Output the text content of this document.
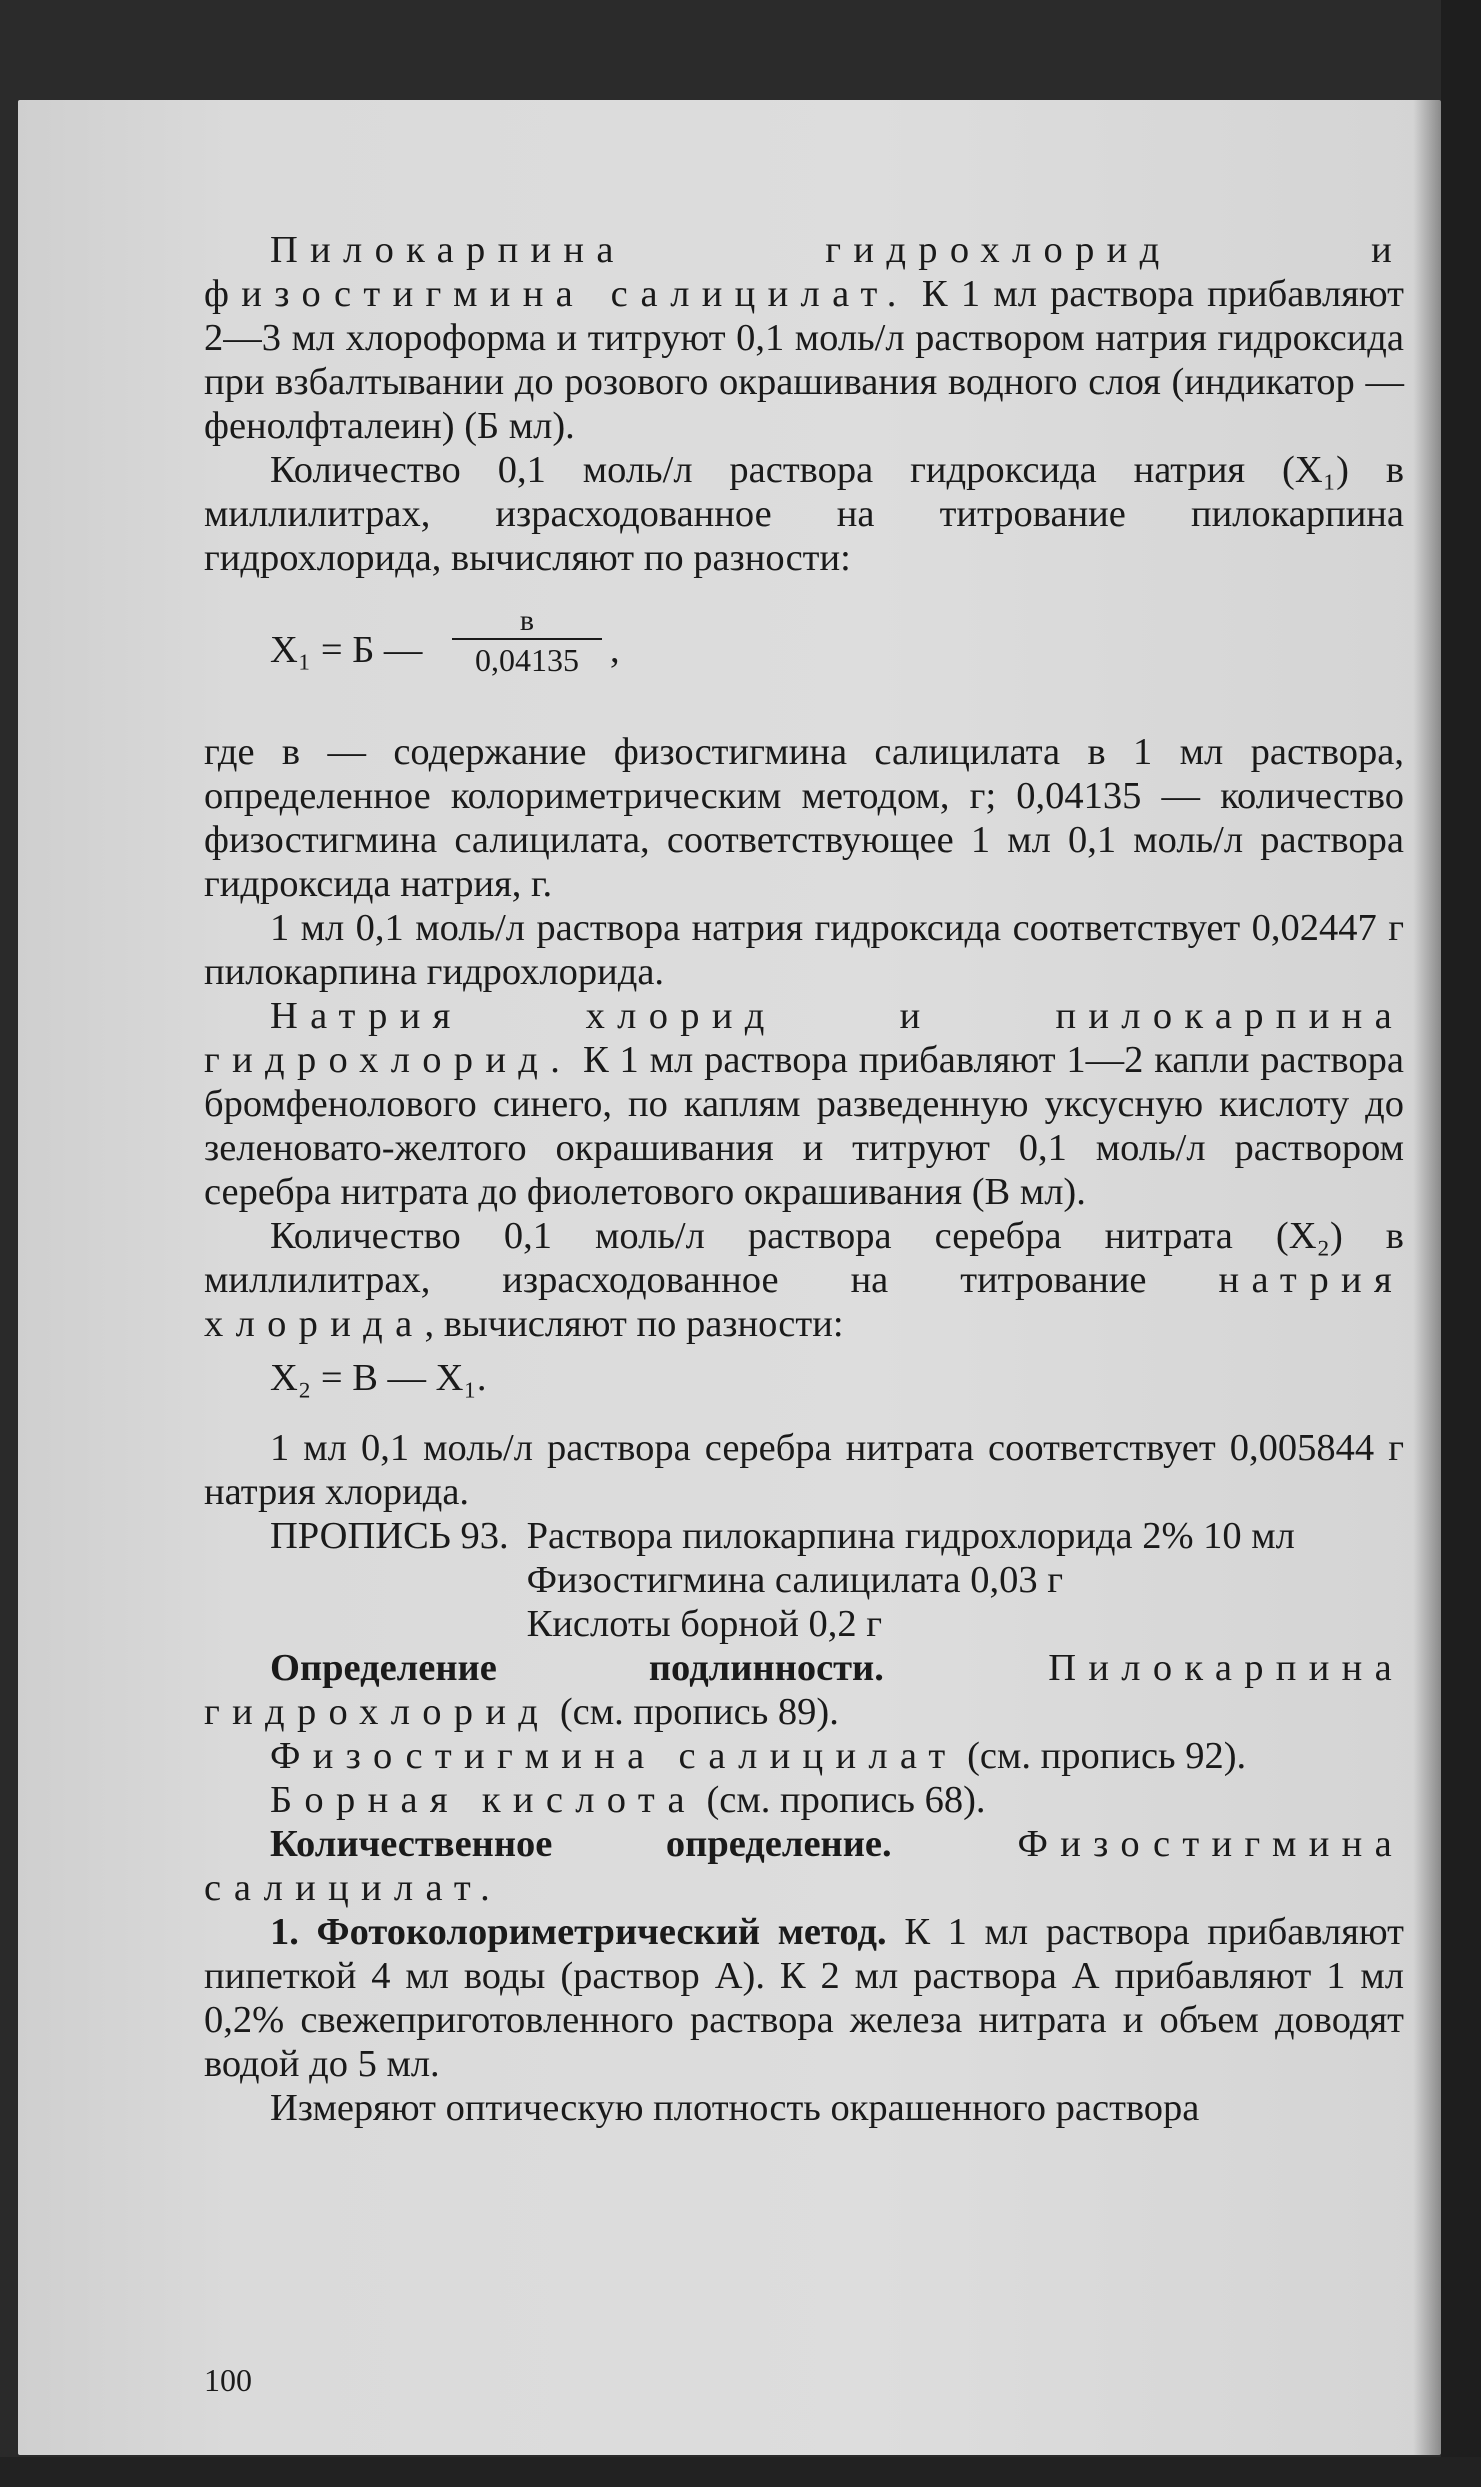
Пилокарпина гидрохлорид и физостигмина салицилат. К 1 мл раствора прибавляют 2—3 мл хлороформа и титруют 0,1 моль/л раствором натрия гидроксида при взбалтывании до розового окрашивания водного слоя (индикатор — фенолфталеин) (Б мл).

Количество 0,1 моль/л раствора гидроксида натрия (X₁) в миллилитрах, израсходованное на титрование пилокарпина гидрохлорида, вычисляют по разности:

X₁ = Б —
в
0,04135 ,

где в — содержание физостигмина салицилата в 1 мл раствора, определенное колориметрическим методом, г; 0,04135 — количество физостигмина салицилата, соответствующее 1 мл 0,1 моль/л раствора гидроксида натрия, г.

1 мл 0,1 моль/л раствора натрия гидроксида соответствует 0,02447 г пилокарпина гидрохлорида.

Натрия хлорид и пилокарпина гидрохлорид. К 1 мл раствора прибавляют 1—2 капли раствора бромфенолового синего, по каплям разведенную уксусную кислоту до зеленовато-желтого окрашивания и титруют 0,1 моль/л раствором серебра нитрата до фиолетового окрашивания (В мл).

Количество 0,1 моль/л раствора серебра нитрата (X₂) в миллилитрах, израсходованное на титрование натрия хлорида, вычисляют по разности:

X₂ = В — X₁.

1 мл 0,1 моль/л раствора серебра нитрата соответствует 0,005844 г натрия хлорида.

ПРОПИСЬ 93. Раствора пилокарпина гидрохлорида 2% 10 мл

Физостигмина салицилата 0,03 г

Кислоты борной 0,2 г

Определение подлинности. Пилокарпина гидрохлорид (см. пропись 89).

Физостигмина салицилат (см. пропись 92).

Борная кислота (см. пропись 68).

Количественное определение. Физостигмина салицилат.

1. Фотоколориметрический метод. К 1 мл раствора прибавляют пипеткой 4 мл воды (раствор А). К 2 мл раствора А прибавляют 1 мл 0,2% свежеприготовленного раствора железа нитрата и объем доводят водой до 5 мл.

Измеряют оптическую плотность окрашенного раствора

100
